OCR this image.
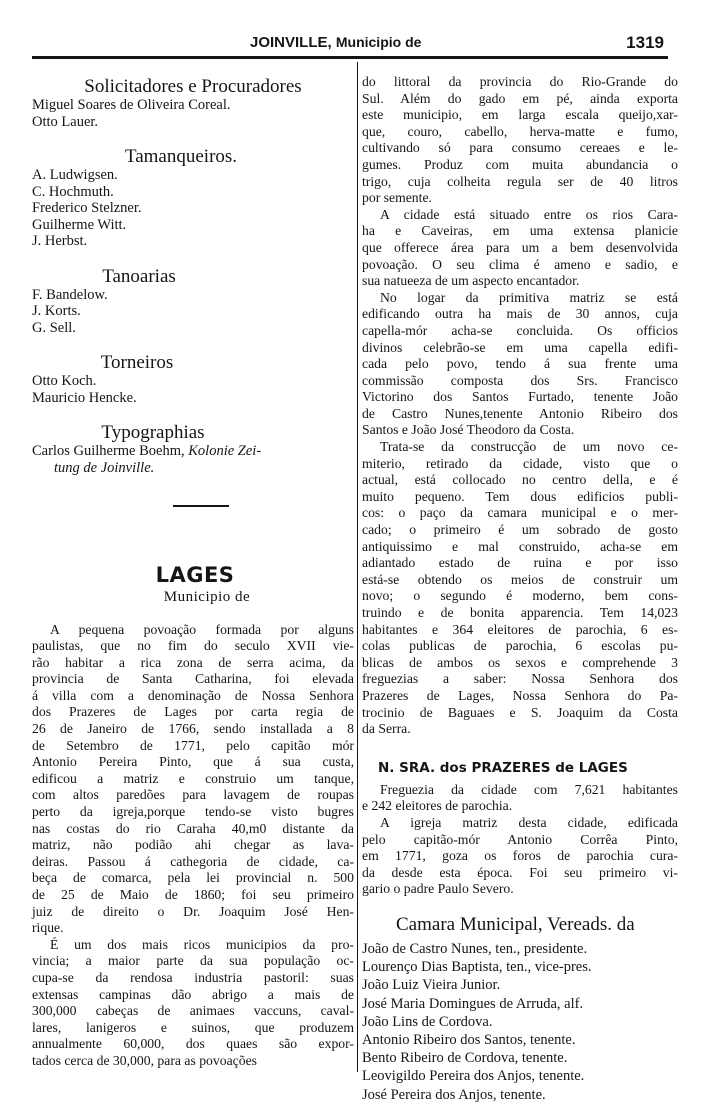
JOINVILLE, Municipio de	1319
Solicitadores e Procuradores
Miguel Soares de Oliveira Coreal.
Otto Lauer.
Tamanqueiros.
A. Ludwigsen.
C. Hochmuth.
Frederico Stelzner.
Guilherme Witt.
J. Herbst.
Tanoarias
F. Bandelow.
J. Korts.
G. Sell.
Torneiros
Otto Koch.
Mauricio Hencke.
Typographias
Carlos Guilherme Boehm, Kolonie Zei-
tung de Joinville.
LAGES
Municipio de
A pequena povoação formada por alguns
paulistas, que no fim do seculo XVII vie-
rão habitar a rica zona de serra acima, da
provincia de Santa Catharina, foi elevada
á villa com a denominação de Nossa Senhora
dos Prazeres de Lages por carta regia de
26 de Janeiro de 1766, sendo installada a 8
de Setembro de 1771, pelo capitão mór
Antonio Pereira Pinto, que á sua custa,
edificou a matriz e construio um tanque,
com altos paredões para lavagem de roupas
perto da igreja,porque tendo-se visto bugres
nas costas do rio Caraha 40,m0 distante da
matriz, não podião ahi chegar as lava-
deiras. Passou á cathegoria de cidade, ca-
beça de comarca, pela lei provincial n. 500
de 25 de Maio de 1860; foi seu primeiro
juiz de direito o Dr. Joaquim José Hen-
rique.
É um dos mais ricos municipios da pro-
vincia; a maior parte da sua população oc-
cupa-se da rendosa industria pastoril: suas
extensas campinas dão abrigo a mais de
300,000 cabeças de animaes vaccuns, caval-
lares, lanigeros e suinos, que produzem
annualmente 60,000, dos quaes são expor-
tados cerca de 30,000, para as povoações
do littoral da provincia do Rio-Grande do
Sul. Além do gado em pé, ainda exporta
este municipio, em larga escala queijo,xar-
que, couro, cabello, herva-matte e fumo,
cultivando só para consumo cereaes e le-
gumes. Produz com muita abundancia o
trigo, cuja colheita regula ser de 40 litros
por semente.
A cidade está situado entre os rios Cara-
ha e Caveiras, em uma extensa planicie
que offerece área para um a bem desenvolvida
povoação. O seu clima é ameno e sadio, e
sua natueeza de um aspecto encantador.
No logar da primitiva matriz se está
edificando outra ha mais de 30 annos, cuja
capella-mór acha-se concluida. Os officios
divinos celebrão-se em uma capella edifi-
cada pelo povo, tendo á sua frente uma
commissão composta dos Srs. Francisco
Victorino dos Santos Furtado, tenente João
de Castro Nunes,tenente Antonio Ribeiro dos
Santos e João José Theodoro da Costa.
Trata-se da construcção de um novo ce-
miterio, retirado da cidade, visto que o
actual, está collocado no centro della, e é
muito pequeno. Tem dous edificios publi-
cos: o paço da camara municipal e o mer-
cado; o primeiro é um sobrado de gosto
antiquissimo e mal construido, acha-se em
adiantado estado de ruina e por isso
está-se obtendo os meios de construir um
novo; o segundo é moderno, bem cons-
truindo e de bonita apparencia. Tem 14,023
habitantes e 364 eleitores de parochia, 6 es-
colas publicas de parochia, 6 escolas pu-
blicas de ambos os sexos e comprehende 3
freguezias a saber: Nossa Senhora dos
Prazeres de Lages, Nossa Senhora do Pa-
trocinio de Baguaes e S. Joaquim da Costa
da Serra.
N. SRA. dos PRAZERES de LAGES
Freguezia da cidade com 7,621 habitantes
e 242 eleitores de parochia.
A igreja matriz desta cidade, edificada
pelo capitão-mór Antonio Corrêa Pinto,
em 1771, goza os foros de parochia cura-
da desde esta época. Foi seu primeiro vi-
gario o padre Paulo Severo.
Camara Municipal, Vereads. da
João de Castro Nunes, ten., presidente.
Lourenço Dias Baptista, ten., vice-pres.
João Luiz Vieira Junior.
José Maria Domingues de Arruda, alf.
João Lins de Cordova.
Antonio Ribeiro dos Santos, tenente.
Bento Ribeiro de Cordova, tenente.
Leovigildo Pereira dos Anjos, tenente.
José Pereira dos Anjos, tenente.
